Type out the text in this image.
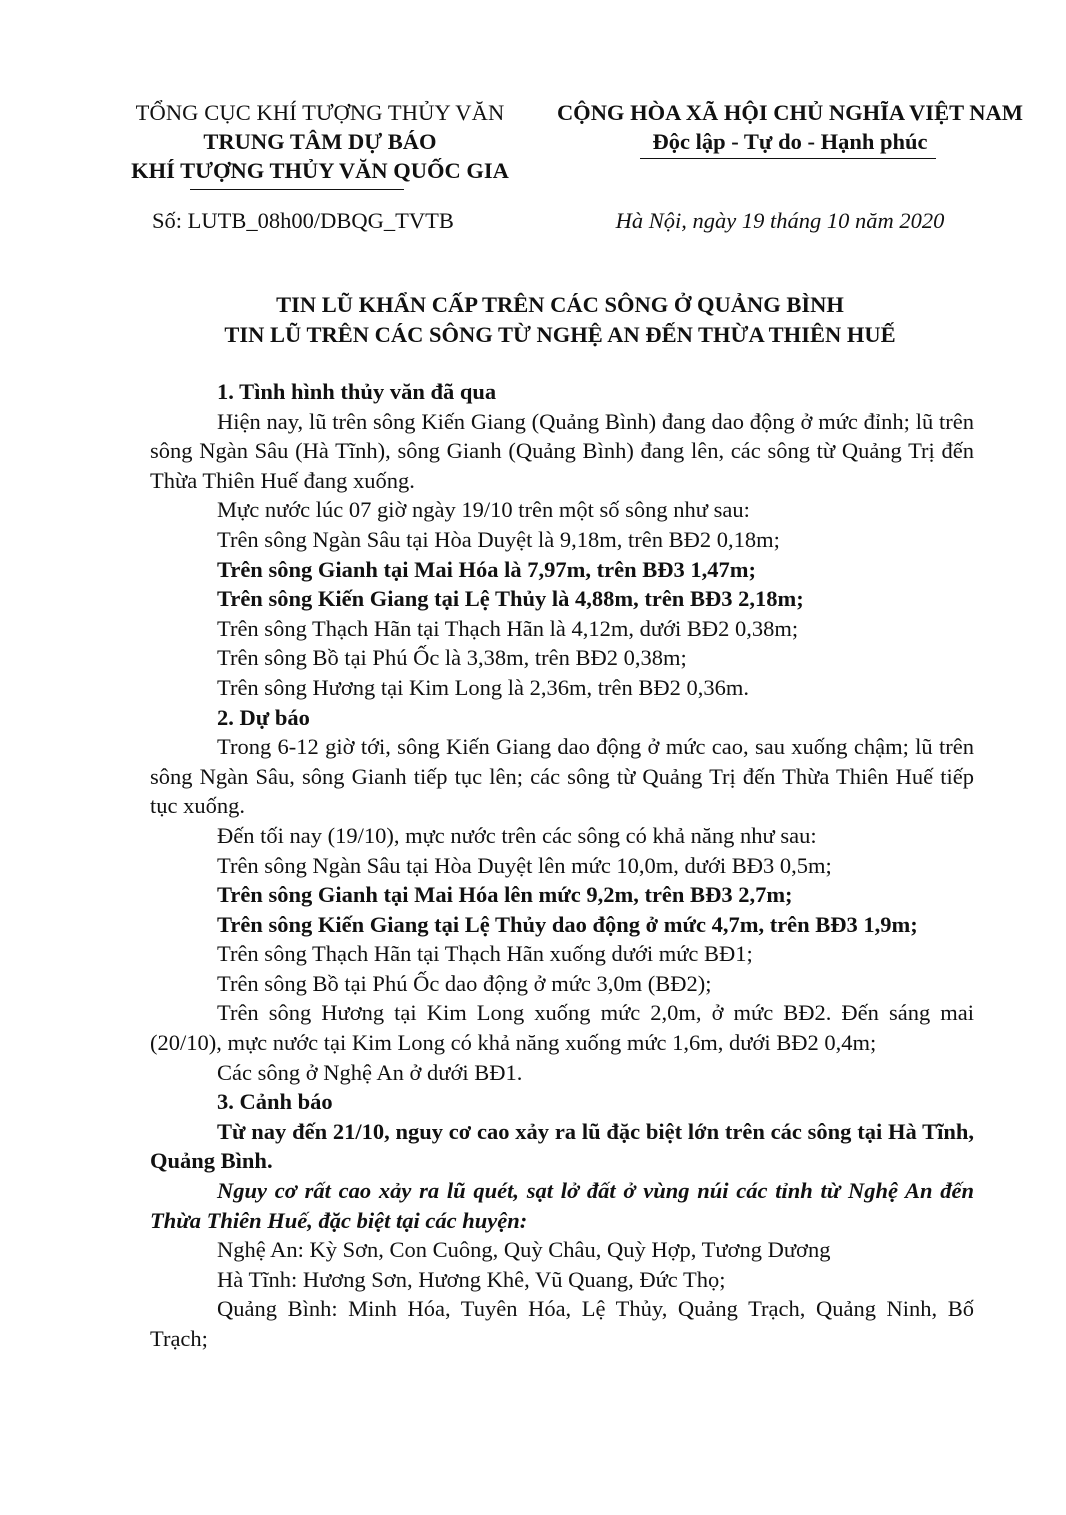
TỔNG CỤC KHÍ TƯỢNG THỦY VĂN
TRUNG TÂM DỰ BÁO
KHÍ TƯỢNG THỦY VĂN QUỐC GIA
CỘNG HÒA XÃ HỘI CHỦ NGHĨA VIỆT NAM
Độc lập - Tự do - Hạnh phúc
Số: LUTB_08h00/DBQG_TVTB	Hà Nội, ngày 19 tháng 10 năm 2020
TIN LŨ KHẨN CẤP TRÊN CÁC SÔNG Ở QUẢNG BÌNH
TIN LŨ TRÊN CÁC SÔNG TỪ NGHỆ AN ĐẾN THỪA THIÊN HUẾ

1. Tình hình thủy văn đã qua

Hiện nay, lũ trên sông Kiến Giang (Quảng Bình) đang dao động ở mức đỉnh; lũ trên sông Ngàn Sâu (Hà Tĩnh), sông Gianh (Quảng Bình) đang lên, các sông từ Quảng Trị đến Thừa Thiên Huế đang xuống.

Mực nước lúc 07 giờ ngày 19/10 trên một số sông như sau:

Trên sông Ngàn Sâu tại Hòa Duyệt là 9,18m, trên BĐ2 0,18m;

Trên sông Gianh tại Mai Hóa là 7,97m, trên BĐ3 1,47m;

Trên sông Kiến Giang tại Lệ Thủy là 4,88m, trên BĐ3 2,18m;

Trên sông Thạch Hãn tại Thạch Hãn là 4,12m, dưới BĐ2 0,38m;

Trên sông Bồ tại Phú Ốc là 3,38m, trên BĐ2 0,38m;

Trên sông Hương tại Kim Long là 2,36m, trên BĐ2 0,36m.

2. Dự báo

Trong 6-12 giờ tới, sông Kiến Giang dao động ở mức cao, sau xuống chậm; lũ trên sông Ngàn Sâu, sông Gianh tiếp tục lên; các sông từ Quảng Trị đến Thừa Thiên Huế tiếp tục xuống.

Đến tối nay (19/10), mực nước trên các sông có khả năng như sau:

Trên sông Ngàn Sâu tại Hòa Duyệt lên mức 10,0m, dưới BĐ3 0,5m;

Trên sông Gianh tại Mai Hóa lên mức 9,2m, trên BĐ3 2,7m;

Trên sông Kiến Giang tại Lệ Thủy dao động ở mức 4,7m, trên BĐ3 1,9m;

Trên sông Thạch Hãn tại Thạch Hãn xuống dưới mức BĐ1;

Trên sông Bồ tại Phú Ốc dao động ở mức 3,0m (BĐ2);

Trên sông Hương tại Kim Long xuống mức 2,0m, ở mức BĐ2. Đến sáng mai (20/10), mực nước tại Kim Long có khả năng xuống mức 1,6m, dưới BĐ2 0,4m;

Các sông ở Nghệ An ở dưới BĐ1.

3. Cảnh báo

Từ nay đến 21/10, nguy cơ cao xảy ra lũ đặc biệt lớn trên các sông tại Hà Tĩnh, Quảng Bình.

Nguy cơ rất cao xảy ra lũ quét, sạt lở đất ở vùng núi các tỉnh từ Nghệ An đến Thừa Thiên Huế, đặc biệt tại các huyện:

Nghệ An: Kỳ Sơn, Con Cuông, Quỳ Châu, Quỳ Hợp, Tương Dương

Hà Tĩnh: Hương Sơn, Hương Khê, Vũ Quang, Đức Thọ;

Quảng Bình: Minh Hóa, Tuyên Hóa, Lệ Thủy, Quảng Trạch, Quảng Ninh, Bố Trạch;
